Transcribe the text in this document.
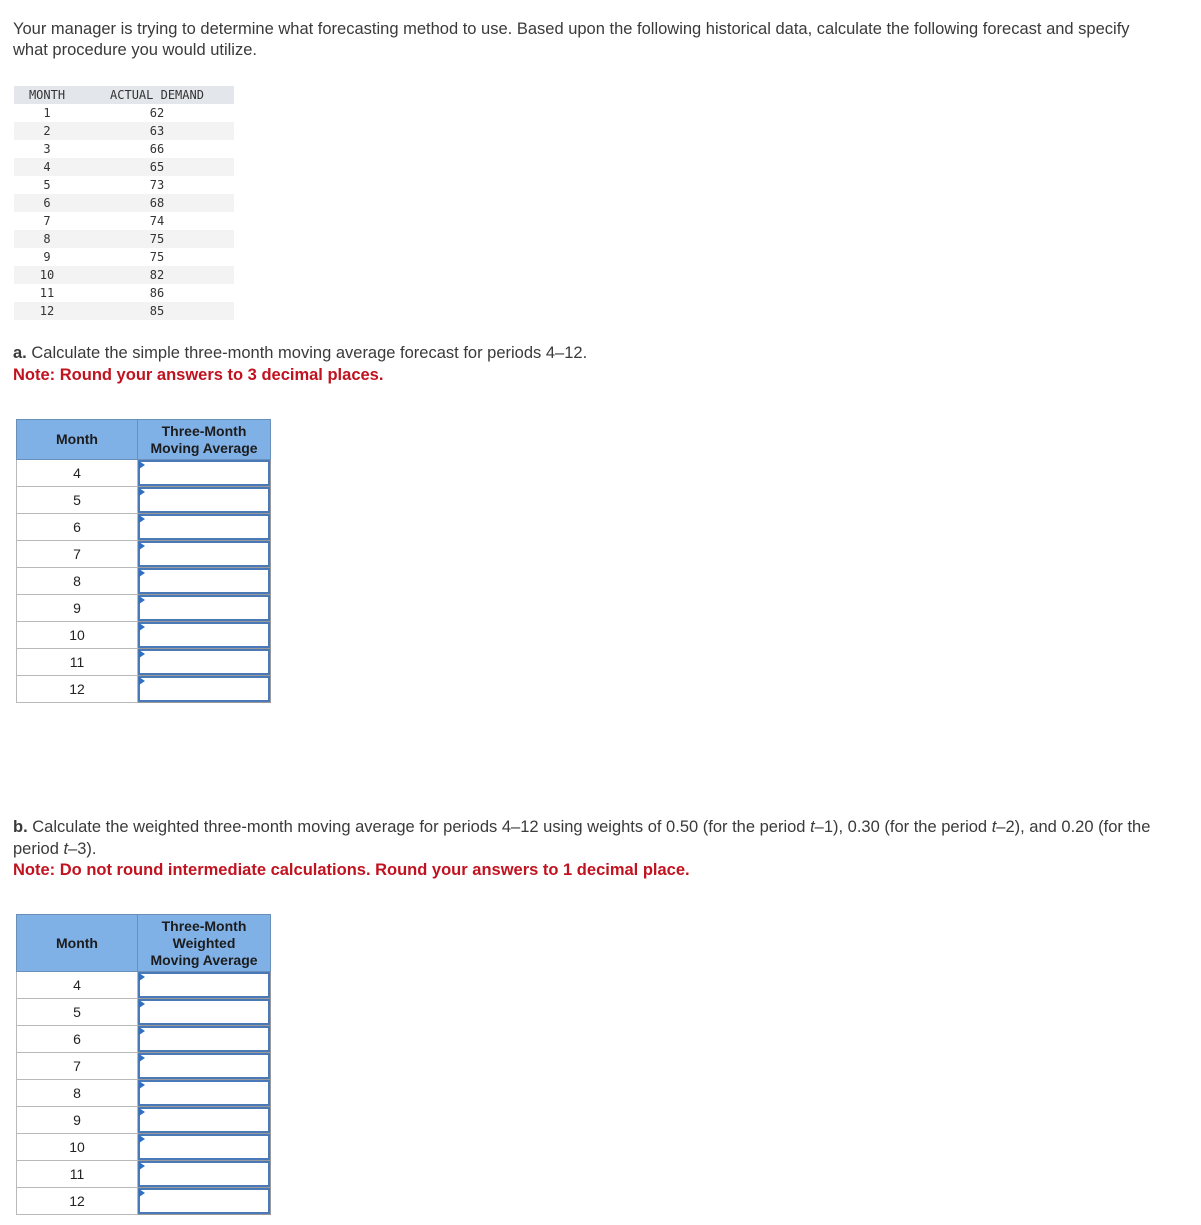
Your manager is trying to determine what forecasting method to use. Based upon the following historical data, calculate the following forecast and specify what procedure you would utilize.

MONTH	ACTUAL DEMAND
1	62
2	63
3	66
4	65
5	73
6	68
7	74
8	75
9	75
10	82
11	86
12	85

a. Calculate the simple three-month moving average forecast for periods 4–12.
Note: Round your answers to 3 decimal places.

Month	Three-Month
Moving Average
4	

5	

6	

7	

8	

9	

10	

11	

12	

b. Calculate the weighted three-month moving average for periods 4–12 using weights of 0.50 (for the period t–1), 0.30 (for the period t–2), and 0.20 (for the period t–3).
Note: Do not round intermediate calculations. Round your answers to 1 decimal place.

Month	Three-Month
Weighted
Moving Average
4	

5	

6	

7	

8	

9	

10	

11	

12	
